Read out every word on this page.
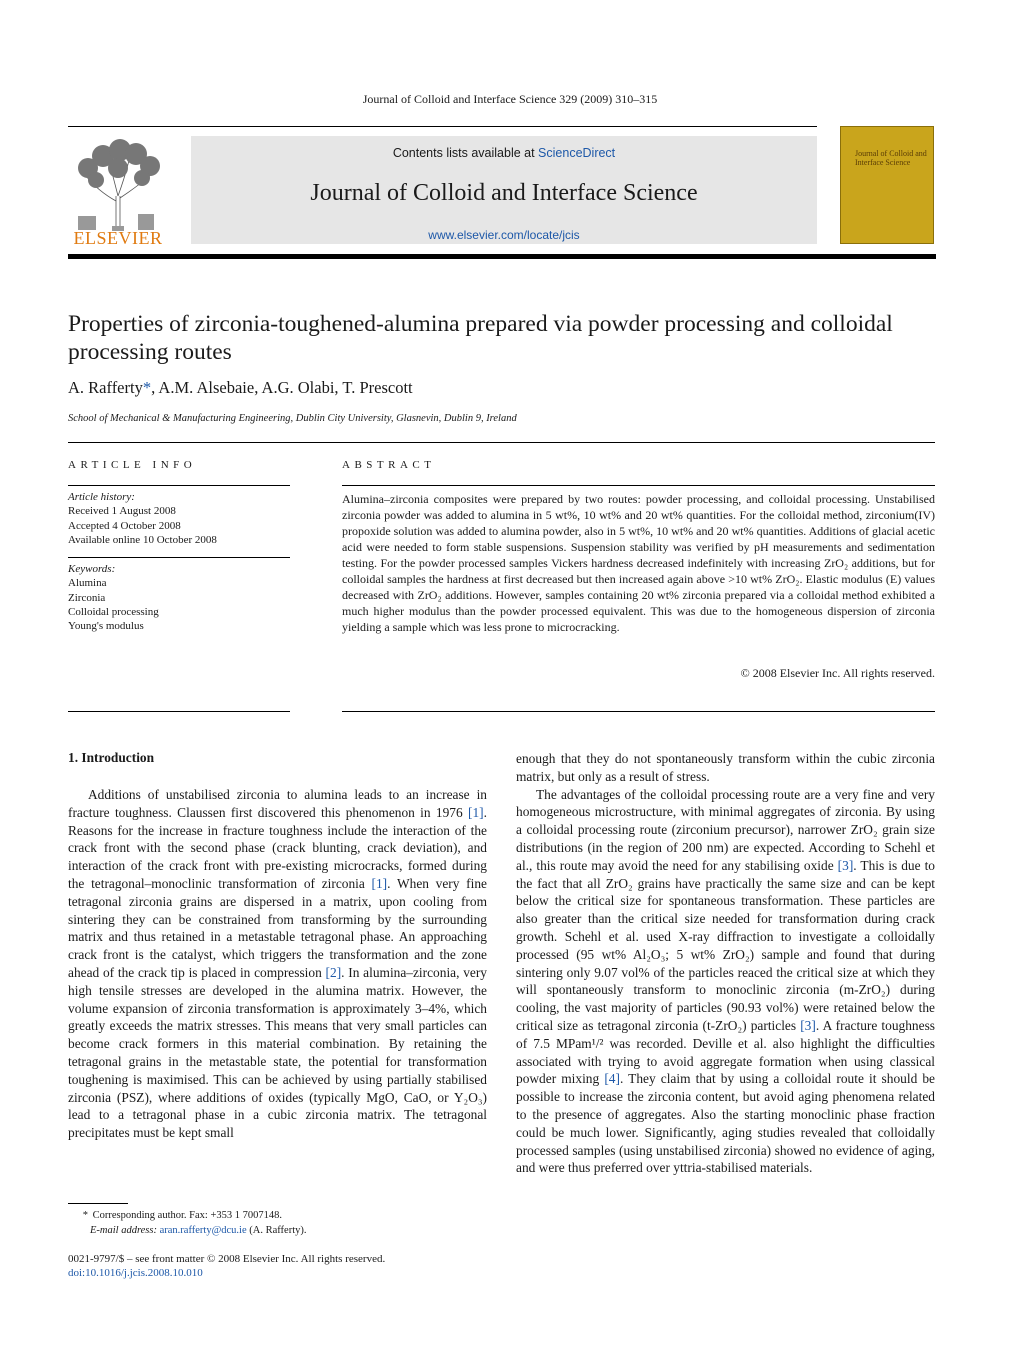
Journal of Colloid and Interface Science 329 (2009) 310–315
ELSEVIER
Contents lists available at ScienceDirect
Journal of Colloid and Interface Science
www.elsevier.com/locate/jcis
Journal of Colloid and Interface Science
Properties of zirconia-toughened-alumina prepared via powder processing and colloidal processing routes
A. Rafferty*, A.M. Alsebaie, A.G. Olabi, T. Prescott
School of Mechanical & Manufacturing Engineering, Dublin City University, Glasnevin, Dublin 9, Ireland
ARTICLE INFO	ABSTRACT
Article history:
Received 1 August 2008
Accepted 4 October 2008
Available online 10 October 2008
Keywords:
Alumina
Zirconia
Colloidal processing
Young's modulus
Alumina–zirconia composites were prepared by two routes: powder processing, and colloidal processing. Unstabilised zirconia powder was added to alumina in 5 wt%, 10 wt% and 20 wt% quantities. For the colloidal method, zirconium(IV) propoxide solution was added to alumina powder, also in 5 wt%, 10 wt% and 20 wt% quantities. Additions of glacial acetic acid were needed to form stable suspensions. Suspension stability was verified by pH measurements and sedimentation testing. For the powder processed samples Vickers hardness decreased indefinitely with increasing ZrO₂ additions, but for colloidal samples the hardness at first decreased but then increased again above >10 wt% ZrO₂. Elastic modulus (E) values decreased with ZrO₂ additions. However, samples containing 20 wt% zirconia prepared via a colloidal method exhibited a much higher modulus than the powder processed equivalent. This was due to the homogeneous dispersion of zirconia yielding a sample which was less prone to microcracking.
© 2008 Elsevier Inc. All rights reserved.
1. Introduction
Additions of unstabilised zirconia to alumina leads to an increase in fracture toughness. Claussen first discovered this phenomenon in 1976 [1]. Reasons for the increase in fracture toughness include the interaction of the crack front with the second phase (crack blunting, crack deviation), and interaction of the crack front with pre-existing microcracks, formed during the tetragonal–monoclinic transformation of zirconia [1]. When very fine tetragonal zirconia grains are dispersed in a matrix, upon cooling from sintering they can be constrained from transforming by the surrounding matrix and thus retained in a metastable tetragonal phase. An approaching crack front is the catalyst, which triggers the transformation and the zone ahead of the crack tip is placed in compression [2]. In alumina–zirconia, very high tensile stresses are developed in the alumina matrix. However, the volume expansion of zirconia transformation is approximately 3–4%, which greatly exceeds the matrix stresses. This means that very small particles can become crack formers in this material combination. By retaining the tetragonal grains in the metastable state, the potential for transformation toughening is maximised. This can be achieved by using partially stabilised zirconia (PSZ), where additions of oxides (typically MgO, CaO, or Y₂O₃) lead to a tetragonal phase in a cubic zirconia matrix. The tetragonal precipitates must be kept small

enough that they do not spontaneously transform within the cubic zirconia matrix, but only as a result of stress.

The advantages of the colloidal processing route are a very fine and very homogeneous microstructure, with minimal aggregates of zirconia. By using a colloidal processing route (zirconium precursor), narrower ZrO₂ grain size distributions (in the region of 200 nm) are expected. According to Schehl et al., this route may avoid the need for any stabilising oxide [3]. This is due to the fact that all ZrO₂ grains have practically the same size and can be kept below the critical size for spontaneous transformation. These particles are also greater than the critical size needed for transformation during crack growth. Schehl et al. used X-ray diffraction to investigate a colloidally processed (95 wt% Al₂O₃; 5 wt% ZrO₂) sample and found that during sintering only 9.07 vol% of the particles reaced the critical size at which they will spontaneously transform to monoclinic zirconia (m-ZrO₂) during cooling, the vast majority of particles (90.93 vol%) were retained below the critical size as tetragonal zirconia (t-ZrO₂) particles [3]. A fracture toughness of 7.5 MPam¹/² was recorded. Deville et al. also highlight the difficulties associated with trying to avoid aggregate formation when using classical powder mixing [4]. They claim that by using a colloidal route it should be possible to increase the zirconia content, but avoid aging phenomena related to the presence of aggregates. Also the starting monoclinic phase fraction could be much lower. Significantly, aging studies revealed that colloidally processed samples (using unstabilised zirconia) showed no evidence of aging, and were thus preferred over yttria-stabilised materials.

* Corresponding author. Fax: +353 1 7007148.
E-mail address: aran.rafferty@dcu.ie (A. Rafferty).
0021-9797/$ – see front matter © 2008 Elsevier Inc. All rights reserved.
doi:10.1016/j.jcis.2008.10.010
